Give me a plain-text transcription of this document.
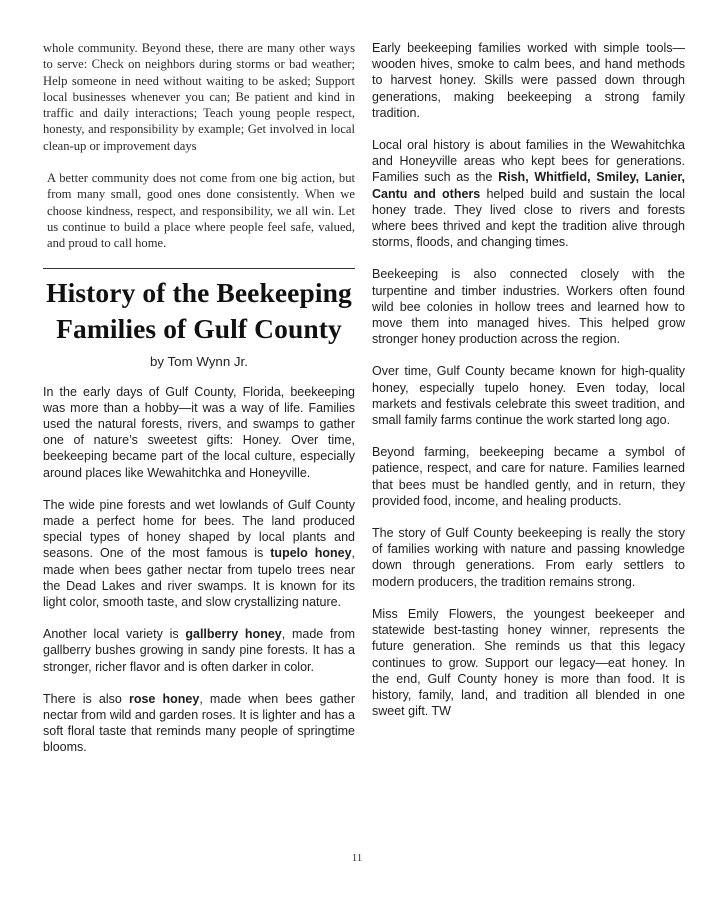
whole community. Beyond these, there are many other ways to serve: Check on neighbors during storms or bad weather; Help someone in need without waiting to be asked; Support local businesses whenever you can; Be patient and kind in traffic and daily interactions; Teach young people respect, honesty, and responsibility by example; Get involved in local clean-up or improvement days

A better community does not come from one big action, but from many small, good ones done consistently. When we choose kindness, respect, and responsibility, we all win. Let us continue to build a place where people feel safe, valued, and proud to call home.

History of the Beekeeping Families of Gulf County
by Tom Wynn Jr.

In the early days of Gulf County, Florida, beekeeping was more than a hobby—it was a way of life. Families used the natural forests, rivers, and swamps to gather one of nature’s sweetest gifts: Honey. Over time, beekeeping became part of the local culture, especially around places like Wewahitchka and Honeyville.

The wide pine forests and wet lowlands of Gulf County made a perfect home for bees. The land produced special types of honey shaped by local plants and seasons. One of the most famous is tupelo honey, made when bees gather nectar from tupelo trees near the Dead Lakes and river swamps. It is known for its light color, smooth taste, and slow crystallizing nature.

Another local variety is gallberry honey, made from gallberry bushes growing in sandy pine forests. It has a stronger, richer flavor and is often darker in color.

There is also rose honey, made when bees gather nectar from wild and garden roses. It is lighter and has a soft floral taste that reminds many people of springtime blooms.

Early beekeeping families worked with simple tools—wooden hives, smoke to calm bees, and hand methods to harvest honey. Skills were passed down through generations, making beekeeping a strong family tradition.

Local oral history is about families in the Wewahitchka and Honeyville areas who kept bees for generations. Families such as the Rish, Whitfield, Smiley, Lanier, Cantu and others helped build and sustain the local honey trade. They lived close to rivers and forests where bees thrived and kept the tradition alive through storms, floods, and changing times.

Beekeeping is also connected closely with the turpentine and timber industries. Workers often found wild bee colonies in hollow trees and learned how to move them into managed hives. This helped grow stronger honey production across the region.

Over time, Gulf County became known for high-quality honey, especially tupelo honey. Even today, local markets and festivals celebrate this sweet tradition, and small family farms continue the work started long ago.

Beyond farming, beekeeping became a symbol of patience, respect, and care for nature. Families learned that bees must be handled gently, and in return, they provided food, income, and healing products.

The story of Gulf County beekeeping is really the story of families working with nature and passing knowledge down through generations. From early settlers to modern producers, the tradition remains strong.

Miss Emily Flowers, the youngest beekeeper and statewide best-tasting honey winner, represents the future generation. She reminds us that this legacy continues to grow. Support our legacy—eat honey. In the end, Gulf County honey is more than food. It is history, family, land, and tradition all blended in one sweet gift. TW

11
